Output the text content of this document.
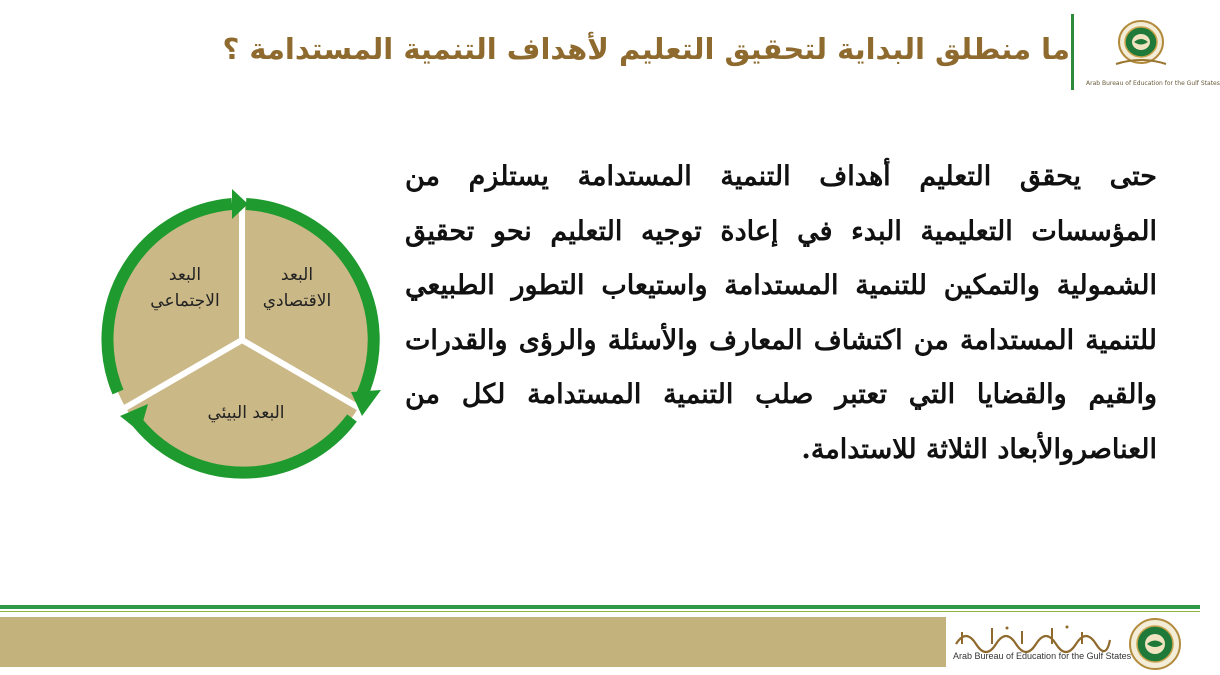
ما منطلق البداية لتحقيق التعليم لأهداف التنمية المستدامة ؟
Arab Bureau of Education for the Gulf States
حتى يحقق التعليم أهداف التنمية المستدامة يستلزم من المؤسسات التعليمية البدء في إعادة توجيه التعليم نحو تحقيق الشمولية والتمكين للتنمية المستدامة واستيعاب التطور الطبيعي للتنمية المستدامة من اكتشاف المعارف والأسئلة والرؤى والقدرات والقيم والقضايا التي تعتبر صلب التنمية المستدامة لكل من العناصروالأبعاد الثلاثة للاستدامة.
البعد
الاقتصادي
البعد
الاجتماعي
البعد البيئي
Arab Bureau of Education for the Gulf States
